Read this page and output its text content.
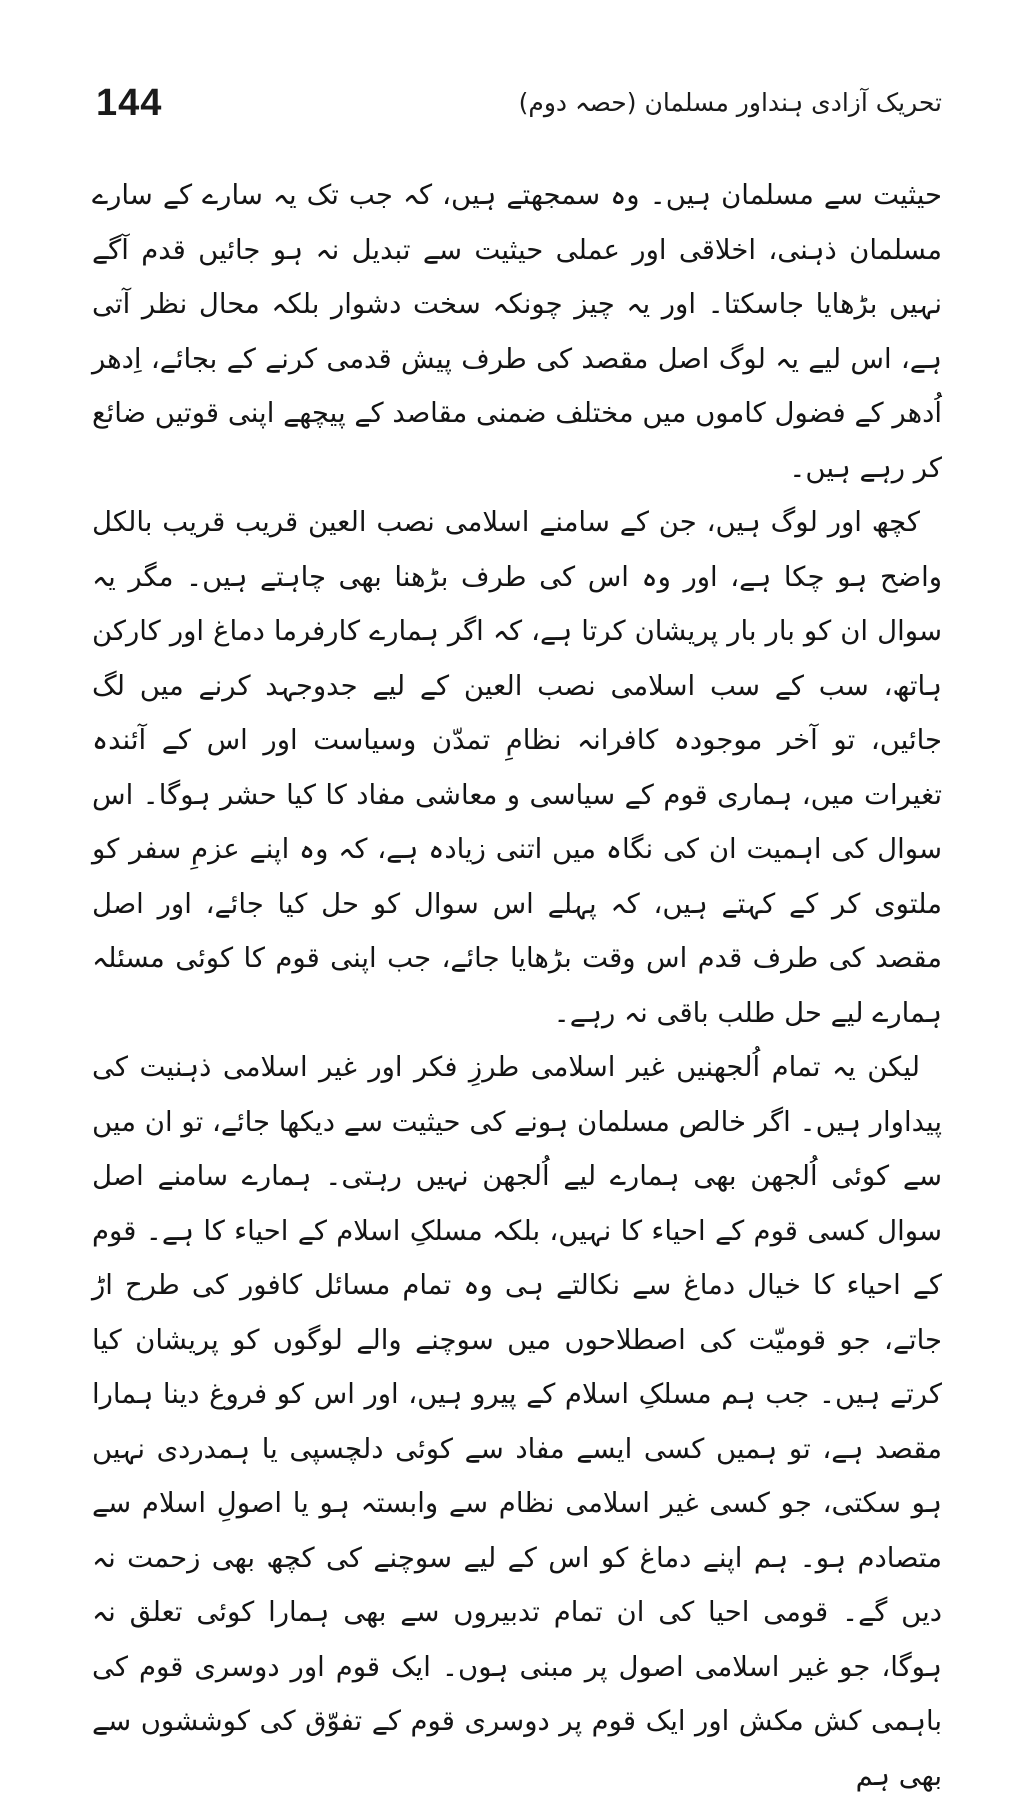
144	تحریک آزادی ہنداور مسلمان (حصہ دوم)

حیثیت سے مسلمان ہیں۔ وہ سمجھتے ہیں، کہ جب تک یہ سارے کے سارے مسلمان ذہنی، اخلاقی اور عملی حیثیت سے تبدیل نہ ہو جائیں قدم آگے نہیں بڑھایا جاسکتا۔ اور یہ چیز چونکہ سخت دشوار بلکہ محال نظر آتی ہے، اس لیے یہ لوگ اصل مقصد کی طرف پیش قدمی کرنے کے بجائے، اِدھر اُدھر کے فضول کاموں میں مختلف ضمنی مقاصد کے پیچھے اپنی قوتیں ضائع کر رہے ہیں۔

کچھ اور لوگ ہیں، جن کے سامنے اسلامی نصب العین قریب قریب بالکل واضح ہو چکا ہے، اور وہ اس کی طرف بڑھنا بھی چاہتے ہیں۔ مگر یہ سوال ان کو بار بار پریشان کرتا ہے، کہ اگر ہمارے کارفرما دماغ اور کارکن ہاتھ، سب کے سب اسلامی نصب العین کے لیے جدوجہد کرنے میں لگ جائیں، تو آخر موجودہ کافرانہ نظامِ تمدّن وسیاست اور اس کے آئندہ تغیرات میں، ہماری قوم کے سیاسی و معاشی مفاد کا کیا حشر ہوگا۔ اس سوال کی اہمیت ان کی نگاہ میں اتنی زیادہ ہے، کہ وہ اپنے عزمِ سفر کو ملتوی کر کے کہتے ہیں، کہ پہلے اس سوال کو حل کیا جائے، اور اصل مقصد کی طرف قدم اس وقت بڑھایا جائے، جب اپنی قوم کا کوئی مسئلہ ہمارے لیے حل طلب باقی نہ رہے۔

لیکن یہ تمام اُلجھنیں غیر اسلامی طرزِ فکر اور غیر اسلامی ذہنیت کی پیداوار ہیں۔ اگر خالص مسلمان ہونے کی حیثیت سے دیکھا جائے، تو ان میں سے کوئی اُلجھن بھی ہمارے لیے اُلجھن نہیں رہتی۔ ہمارے سامنے اصل سوال کسی قوم کے احیاء کا نہیں، بلکہ مسلکِ اسلام کے احیاء کا ہے۔ قوم کے احیاء کا خیال دماغ سے نکالتے ہی وہ تمام مسائل کافور کی طرح اڑ جاتے، جو قومیّت کی اصطلاحوں میں سوچنے والے لوگوں کو پریشان کیا کرتے ہیں۔ جب ہم مسلکِ اسلام کے پیرو ہیں، اور اس کو فروغ دینا ہمارا مقصد ہے، تو ہمیں کسی ایسے مفاد سے کوئی دلچسپی یا ہمدردی نہیں ہو سکتی، جو کسی غیر اسلامی نظام سے وابستہ ہو یا اصولِ اسلام سے متصادم ہو۔ ہم اپنے دماغ کو اس کے لیے سوچنے کی کچھ بھی زحمت نہ دیں گے۔ قومی احیا کی ان تمام تدبیروں سے بھی ہمارا کوئی تعلق نہ ہوگا، جو غیر اسلامی اصول پر مبنی ہوں۔ ایک قوم اور دوسری قوم کی باہمی کش مکش اور ایک قوم پر دوسری قوم کے تفوّق کی کوششوں سے بھی ہم
